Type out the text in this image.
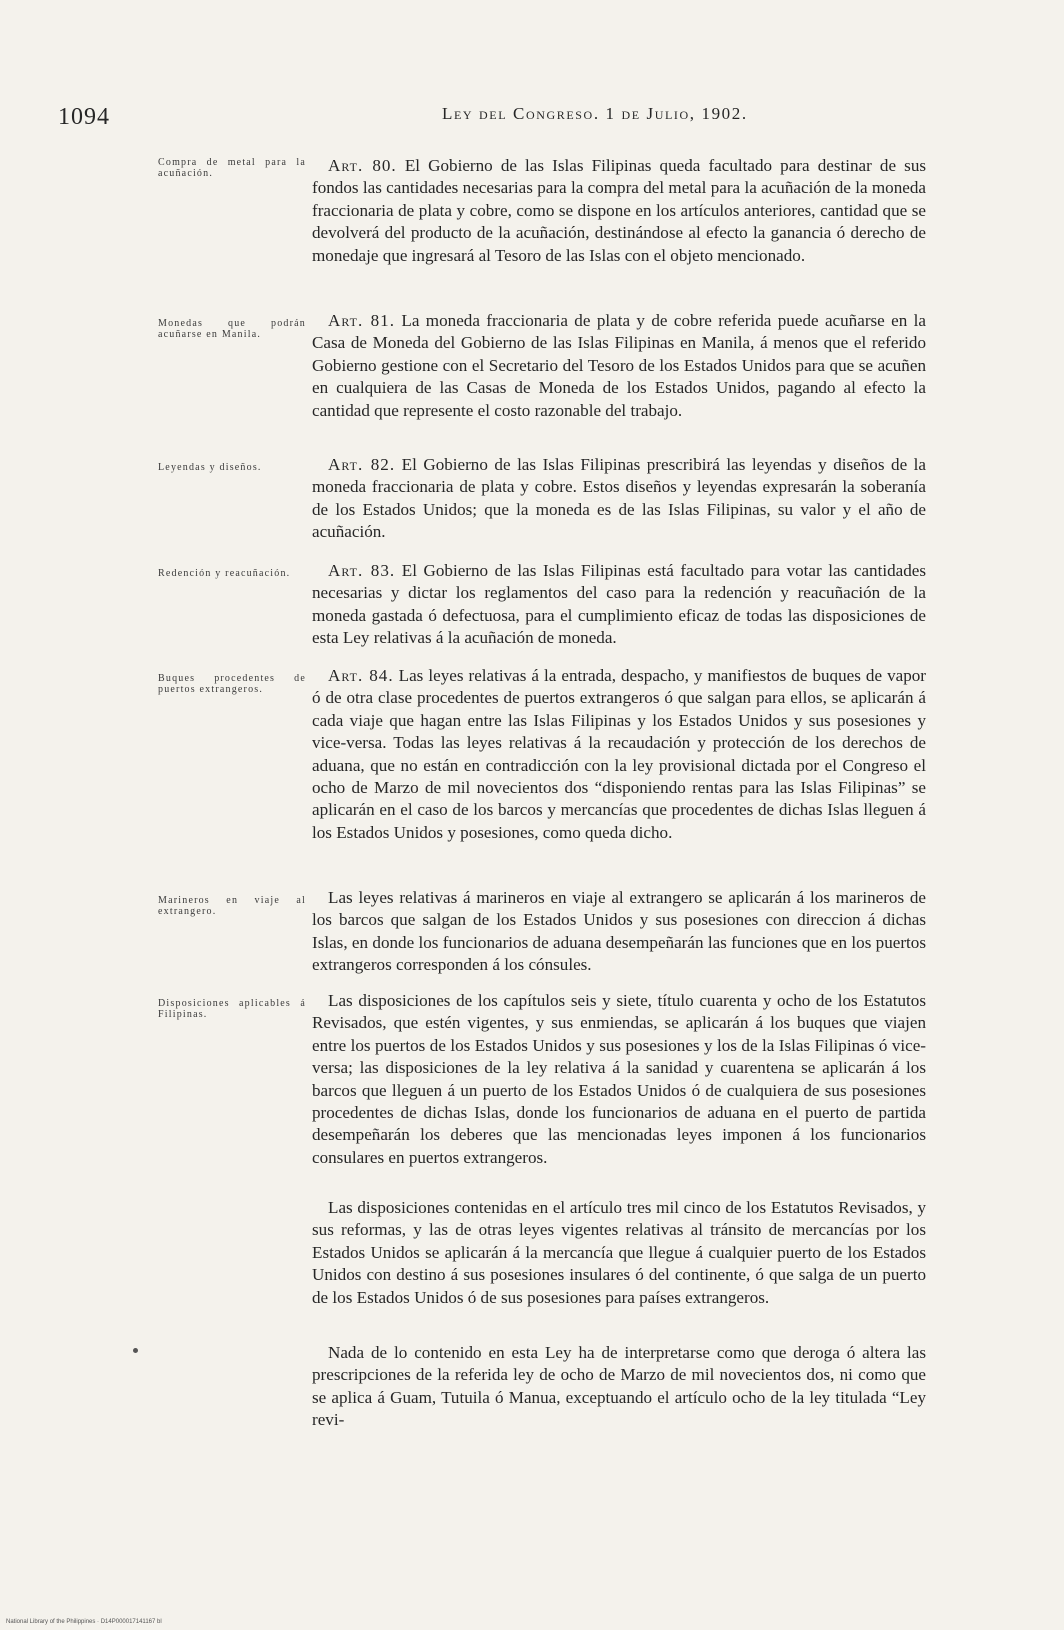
1094	Ley del Congreso. 1 de Julio, 1902.
Compra de metal para la acuñación.	Art. 80. El Gobierno de las Islas Filipinas queda facultado para destinar de sus fondos las cantidades necesarias para la compra del metal para la acuñación de la moneda fraccionaria de plata y cobre, como se dispone en los artículos anteriores, cantidad que se devolverá del producto de la acuñación, destinándose al efecto la ganancia ó derecho de monedaje que ingresará al Tesoro de las Islas con el objeto mencionado.

Monedas que podrán acuñarse en Manila.

Art. 81. La moneda fraccionaria de plata y de cobre referida puede acuñarse en la Casa de Moneda del Gobierno de las Islas Filipinas en Manila, á menos que el referido Gobierno gestione con el Secretario del Tesoro de los Estados Unidos para que se acuñen en cualquiera de las Casas de Moneda de los Estados Unidos, pagando al efecto la cantidad que represente el costo razonable del trabajo.

Leyendas y diseños.	Art. 82. El Gobierno de las Islas Filipinas prescribirá las leyendas y diseños de la moneda fraccionaria de plata y cobre. Estos diseños y leyendas expresarán la soberanía de los Estados Unidos; que la moneda es de las Islas Filipinas, su valor y el año de acuñación.

Redención y reacuñación.	Art. 83. El Gobierno de las Islas Filipinas está facultado para votar las cantidades necesarias y dictar los reglamentos del caso para la redención y reacuñación de la moneda gastada ó defectuosa, para el cumplimiento eficaz de todas las disposiciones de esta Ley relativas á la acuñación de moneda.

Buques procedentes de puertos extrangeros.

Art. 84. Las leyes relativas á la entrada, despacho, y manifiestos de buques de vapor ó de otra clase procedentes de puertos extrangeros ó que salgan para ellos, se aplicarán á cada viaje que hagan entre las Islas Filipinas y los Estados Unidos y sus posesiones y vice-versa. Todas las leyes relativas á la recaudación y protección de los derechos de aduana, que no están en contradicción con la ley provisional dictada por el Congreso el ocho de Marzo de mil novecientos dos “disponiendo rentas para las Islas Filipinas” se aplicarán en el caso de los barcos y mercancías que procedentes de dichas Islas lleguen á los Estados Unidos y posesiones, como queda dicho.

Marineros en viaje al extrangero.

Las leyes relativas á marineros en viaje al extrangero se aplicarán á los marineros de los barcos que salgan de los Estados Unidos y sus posesiones con direccion á dichas Islas, en donde los funcionarios de aduana desempeñarán las funciones que en los puertos extrangeros corresponden á los cónsules.

Disposiciones aplicables á Filipinas.

Las disposiciones de los capítulos seis y siete, título cuarenta y ocho de los Estatutos Revisados, que estén vigentes, y sus enmiendas, se aplicarán á los buques que viajen entre los puertos de los Estados Unidos y sus posesiones y los de la Islas Filipinas ó vice-versa; las disposiciones de la ley relativa á la sanidad y cuarentena se aplicarán á los barcos que lleguen á un puerto de los Estados Unidos ó de cualquiera de sus posesiones procedentes de dichas Islas, donde los funcionarios de aduana en el puerto de partida desempeñarán los deberes que las mencionadas leyes imponen á los funcionarios consulares en puertos extrangeros.

Las disposiciones contenidas en el artículo tres mil cinco de los Estatutos Revisados, y sus reformas, y las de otras leyes vigentes relativas al tránsito de mercancías por los Estados Unidos se aplicarán á la mercancía que llegue á cualquier puerto de los Estados Unidos con destino á sus posesiones insulares ó del continente, ó que salga de un puerto de los Estados Unidos ó de sus posesiones para países extrangeros.

Nada de lo contenido en esta Ley ha de interpretarse como que deroga ó altera las prescripciones de la referida ley de ocho de Marzo de mil novecientos dos, ni como que se aplica á Guam, Tutuila ó Manua, exceptuando el artículo ocho de la ley titulada “Ley revi-

National Library of the Philippines · D14P000017141167 bl
